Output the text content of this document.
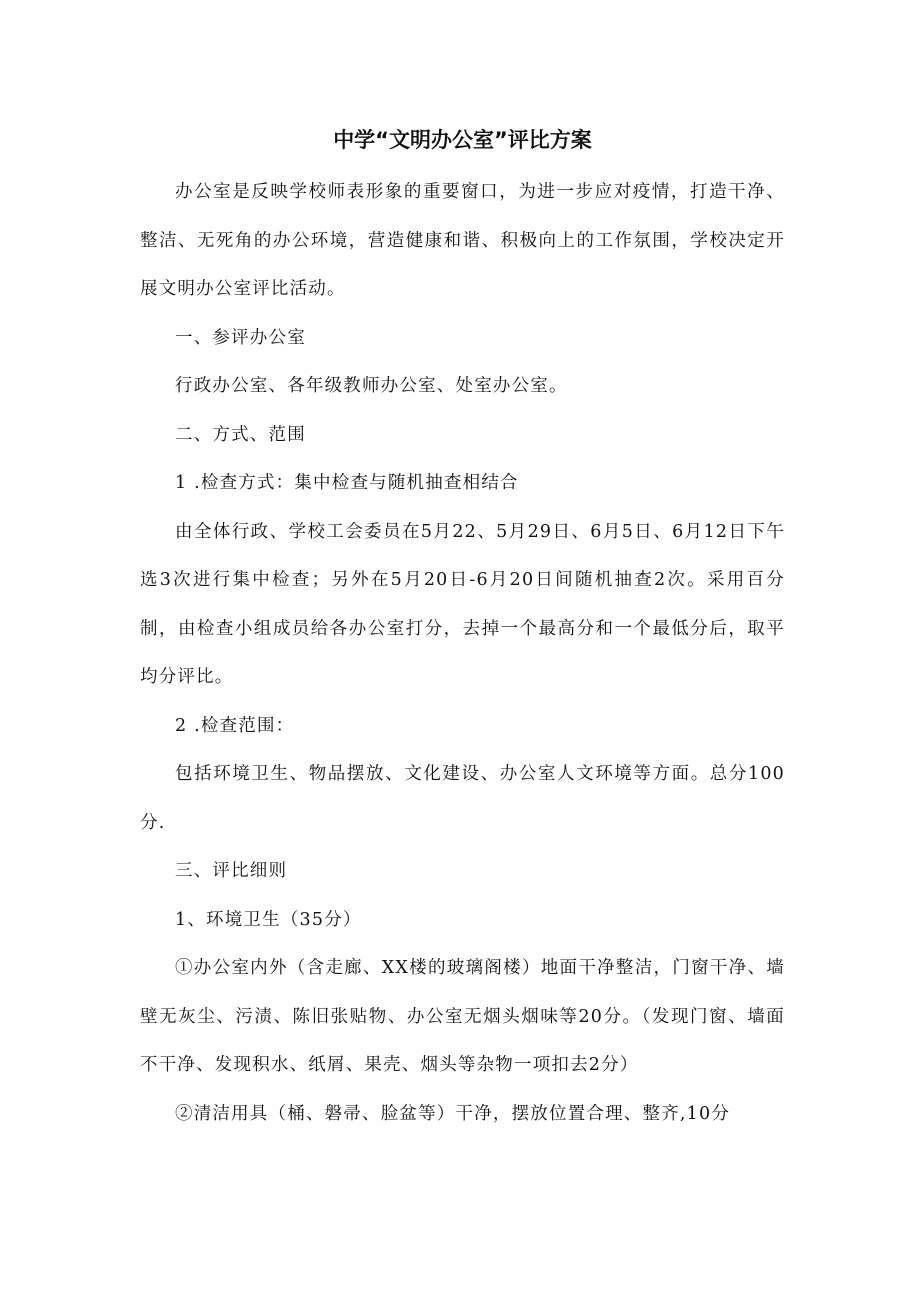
中学“文明办公室”评比方案

办公室是反映学校师表形象的重要窗口，为进一步应对疫情，打造干净、整洁、无死角的办公环境，营造健康和谐、积极向上的工作氛围，学校决定开展文明办公室评比活动。

一、参评办公室

行政办公室、各年级教师办公室、处室办公室。

二、方式、范围

1 .检查方式：集中检查与随机抽查相结合

由全体行政、学校工会委员在5月22、5月29日、6月5日、6月12日下午选3次进行集中检查；另外在5月20日-6月20日间随机抽查2次。采用百分制，由检查小组成员给各办公室打分，去掉一个最高分和一个最低分后，取平均分评比。

2 .检查范围：

包括环境卫生、物品摆放、文化建设、办公室人文环境等方面。总分100分.

三、评比细则

1、环境卫生（35分）

①办公室内外（含走廊、XX楼的玻璃阁楼）地面干净整洁，门窗干净、墙壁无灰尘、污渍、陈旧张贴物、办公室无烟头烟味等20分。（发现门窗、墙面不干净、发现积水、纸屑、果壳、烟头等杂物一项扣去2分）

②清洁用具（桶、磐帚、脸盆等）干净，摆放位置合理、整齐,10分
